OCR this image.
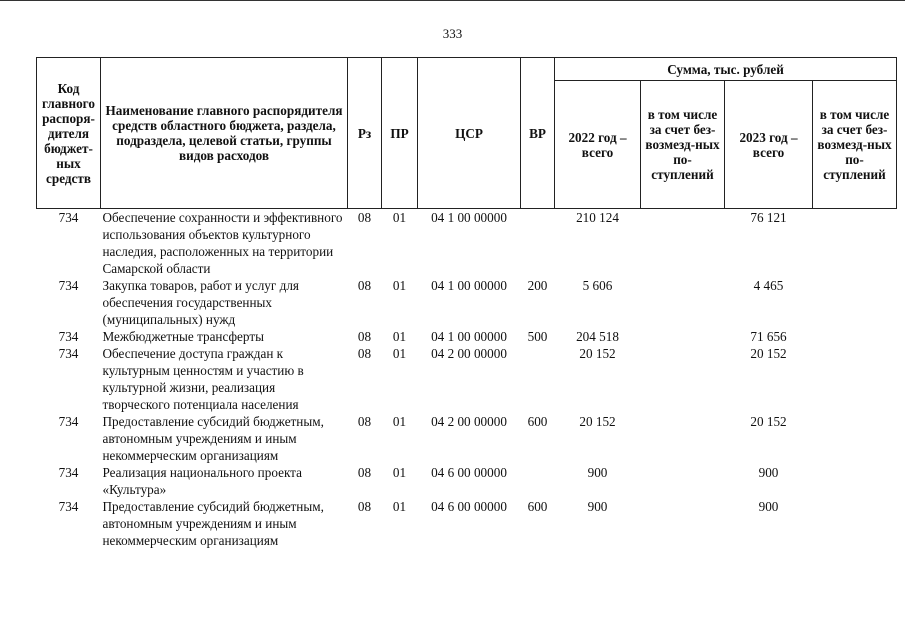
333
Код главного распоря-дителя бюджет-ных средств	Наименование главного распорядителя средств областного бюджета, раздела, подраздела, целевой статьи, группы видов расходов	Рз	ПР	ЦСР	ВР	Сумма, тыс. рублей			
						2022 год – всего	в том числе за счет без-возмезд-ных по-ступлений	2023 год – всего	в том числе за счет без-возмезд-ных по-ступлений
734	Обеспечение сохранности и эффективного использования объектов культурного наследия, расположенных на территории Самарской области	08	01	04 1 00 00000		210 124		76 121	
734	Закупка товаров, работ и услуг для обеспечения государственных (муниципальных) нужд	08	01	04 1 00 00000	200	5 606		4 465	
734	Межбюджетные трансферты	08	01	04 1 00 00000	500	204 518		71 656	
734	Обеспечение доступа граждан к культурным ценностям и участию в культурной жизни, реализация творческого потенциала населения	08	01	04 2 00 00000		20 152		20 152	
734	Предоставление субсидий бюджетным, автономным учреждениям и иным некоммерческим организациям	08	01	04 2 00 00000	600	20 152		20 152	
734	Реализация национального проекта «Культура»	08	01	04 6 00 00000		900		900	
734	Предоставление субсидий бюджетным, автономным учреждениям и иным некоммерческим организациям	08	01	04 6 00 00000	600	900		900	
